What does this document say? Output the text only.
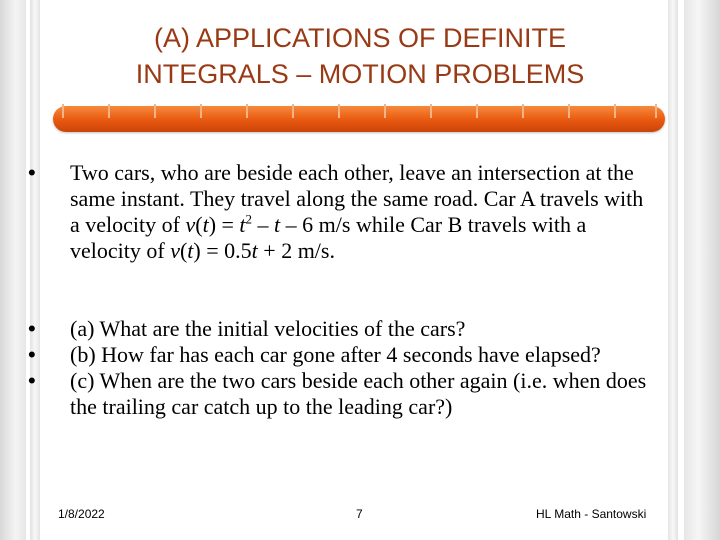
(A) APPLICATIONS OF DEFINITE
INTEGRALS – MOTION PROBLEMS
•	Two cars, who are beside each other, leave an intersection at the same instant. They travel along the same road. Car A travels with a velocity of $v(t) = t^2 - t - 6$ m/s while Car B travels with a velocity of v(t) = 0.5t + 2 m/s.
•	(a) What are the initial velocities of the cars?
•	(b) How far has each car gone after 4 seconds have elapsed?
•	(c) When are the two cars beside each other again (i.e. when does the trailing car catch up to the leading car?)
1/8/2022	7	HL Math - Santowski
